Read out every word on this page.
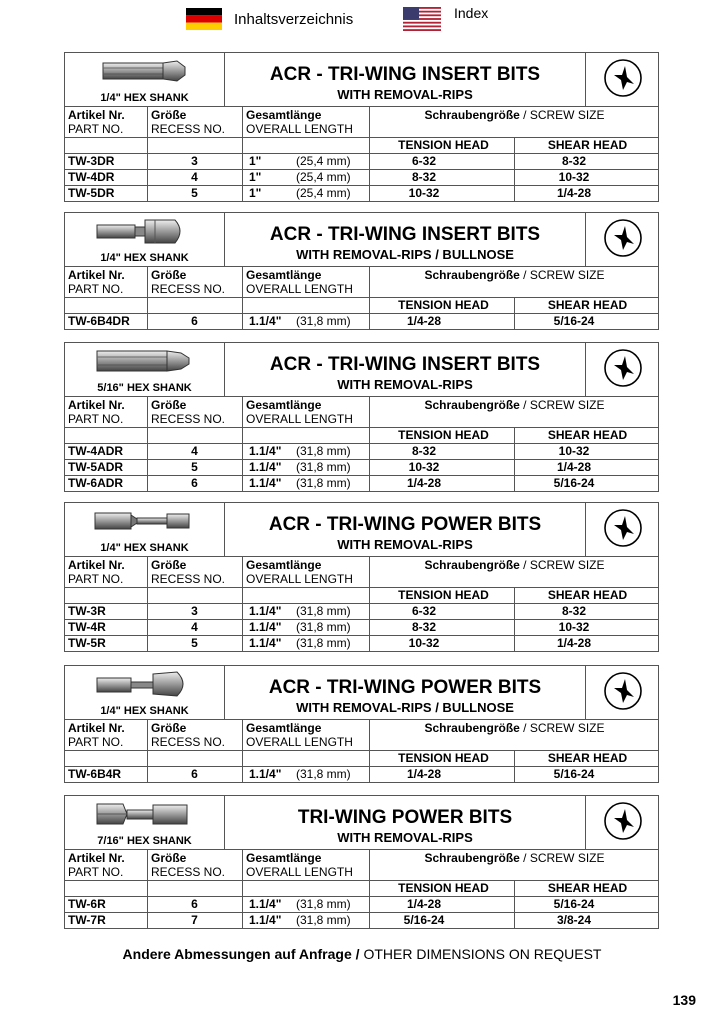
Inhaltsverzeichnis	Index
1/4" HEX SHANK
ACR - TRI-WING INSERT BITS
WITH REMOVAL-RIPS
Artikel Nr.
PART NO.
Größe
RECESS NO.
Gesamtlänge
OVERALL LENGTH
Schraubengröße / SCREW SIZE
TENSION HEAD	SHEAR HEAD
TW-3DR	3	1"	(25,4 mm)	6-32	8-32
TW-4DR	4	1"	(25,4 mm)	8-32	10-32
TW-5DR	5	1"	(25,4 mm)	10-32	1/4-28
1/4" HEX SHANK
ACR - TRI-WING INSERT BITS
WITH REMOVAL-RIPS / BULLNOSE
Artikel Nr.
PART NO.
Größe
RECESS NO.
Gesamtlänge
OVERALL LENGTH
Schraubengröße / SCREW SIZE
TENSION HEAD	SHEAR HEAD
TW-6B4DR	6	1.1/4" (31,8 mm)	1/4-28	5/16-24
5/16" HEX SHANK
ACR - TRI-WING INSERT BITS
WITH REMOVAL-RIPS
Artikel Nr.
PART NO.
Größe
RECESS NO.
Gesamtlänge
OVERALL LENGTH
Schraubengröße / SCREW SIZE
TENSION HEAD	SHEAR HEAD
TW-4ADR	4	1.1/4" (31,8 mm)	8-32	10-32
TW-5ADR	5	1.1/4" (31,8 mm)	10-32	1/4-28
TW-6ADR	6	1.1/4" (31,8 mm)	1/4-28	5/16-24
1/4" HEX SHANK
ACR - TRI-WING POWER BITS
WITH REMOVAL-RIPS
Artikel Nr.
PART NO.
Größe
RECESS NO.
Gesamtlänge
OVERALL LENGTH
Schraubengröße / SCREW SIZE
TENSION HEAD	SHEAR HEAD
TW-3R	3	1.1/4" (31,8 mm)	6-32	8-32
TW-4R	4	1.1/4" (31,8 mm)	8-32	10-32
TW-5R	5	1.1/4" (31,8 mm)	10-32	1/4-28
1/4" HEX SHANK
ACR - TRI-WING POWER BITS
WITH REMOVAL-RIPS / BULLNOSE
Artikel Nr.
PART NO.
Größe
RECESS NO.
Gesamtlänge
OVERALL LENGTH
Schraubengröße / SCREW SIZE
TENSION HEAD	SHEAR HEAD
TW-6B4R	6	1.1/4" (31,8 mm)	1/4-28	5/16-24
7/16" HEX SHANK
TRI-WING POWER BITS
WITH REMOVAL-RIPS
Artikel Nr.
PART NO.
Größe
RECESS NO.
Gesamtlänge
OVERALL LENGTH
Schraubengröße / SCREW SIZE
TENSION HEAD	SHEAR HEAD
TW-6R	6	1.1/4" (31,8 mm)	1/4-28	5/16-24
TW-7R	7	1.1/4" (31,8 mm)	5/16-24	3/8-24
Andere Abmessungen auf Anfrage / OTHER DIMENSIONS ON REQUEST
139
